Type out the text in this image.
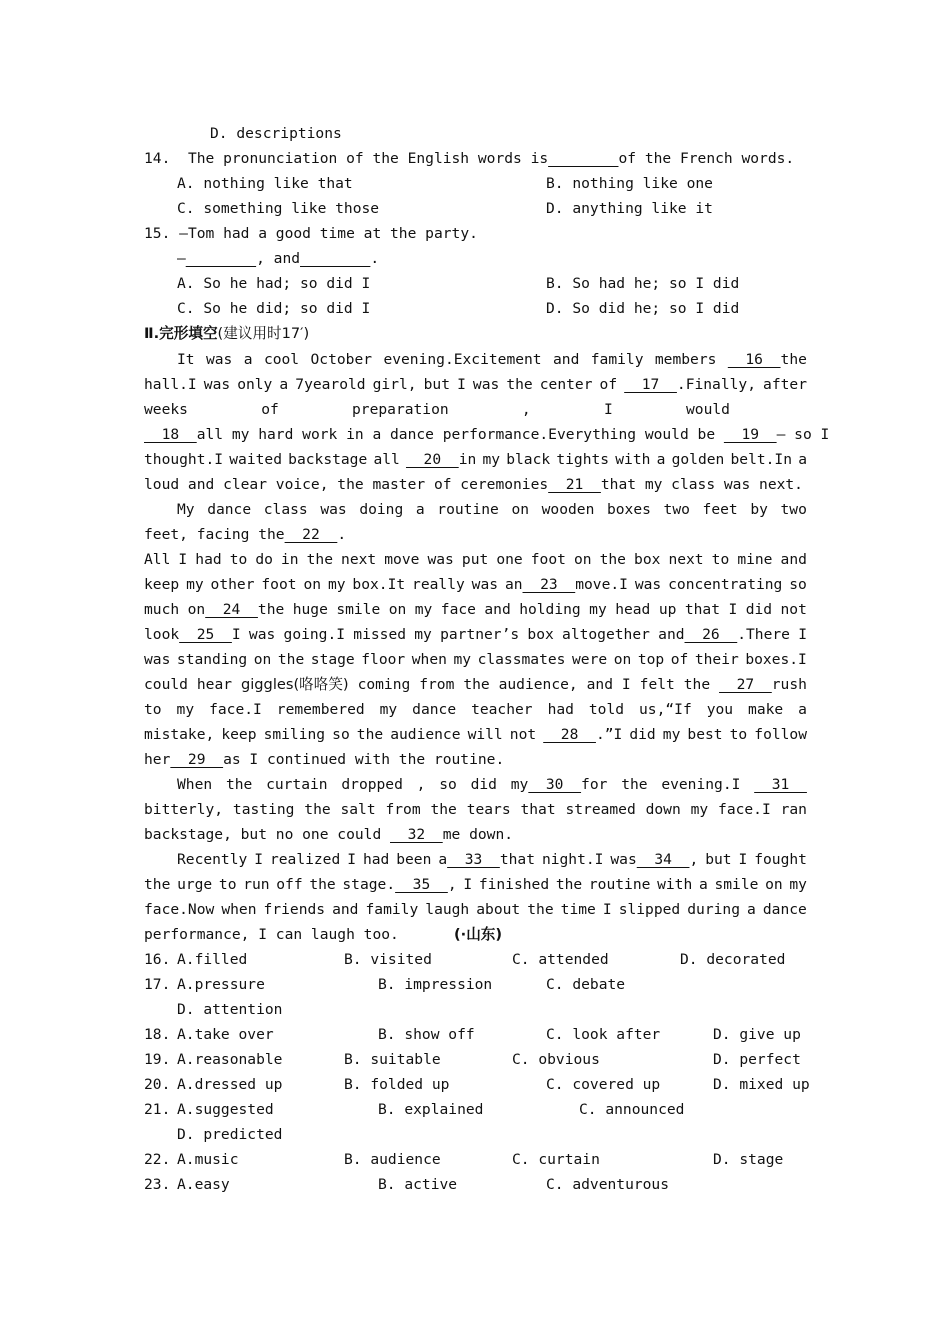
D. descriptions
14. The pronunciation of the English words is________of the French words.
A. nothing like that	B. nothing like one
C. something like those	D. anything like it
15. —Tom had a good time at the party.
—________, and________.
A. So he had; so did I	B. So had he; so I did
C. So he did; so did I	D. So did he; so I did
Ⅱ.完形填空(建议用时17′)
It was a cool October evening.Excitement and family members 16  the
hall.I was only a 7yearold girl, but I was the center of 17  .Finally, after
weeks	of	preparation	,	I	would
18  all my hard work in a dance performance.Everything would be   19  — so I
thought.I waited backstage all 20  in my black tights with a golden belt.In a
loud and clear voice, the master of ceremonies  21  that my class was next.
My dance class was doing a routine on wooden boxes two feet by two
feet, facing the  22  .
All I had to do in the next move was put one foot on the box next to mine and
keep my other foot on my box.It really was an  23  move.I was concentrating so
much on  24  the huge smile on my face and holding my head up that I did not
look  25  I was going.I missed my partner’s box altogether and  26  .There I
was standing on the stage floor when my classmates were on top of their boxes.I
could hear giggles(咯咯笑) coming from the audience, and I felt the 27  rush
to my face.I remembered my dance teacher had told us,“If you make a
mistake, keep smiling so the audience will not 28  .”I did my best to follow
her  29  as I continued with the routine.
When the curtain dropped , so did my  30  for the evening.I 31
bitterly, tasting the salt from the tears that streamed down my face.I ran
backstage, but no one could   32  me down.
Recently I realized I had been a  33  that night.I was  34  , but I fought
the urge to run off the stage.  35  , I finished the routine with a smile on my
face.Now when friends and family laugh about the time I slipped during a dance
performance, I can laugh too.	(·山东)
16. A.filled	B. visited	C. attended	D. decorated
17. A.pressure	B. impression	C. debate
D. attention
18. A.take over	B. show off	C. look after	D. give up
19. A.reasonable	B. suitable	C. obvious	D. perfect
20. A.dressed up	B. folded up	C. covered up	D. mixed up
21. A.suggested	B. explained	C. announced
D. predicted
22. A.music	B. audience	C. curtain	D. stage
23. A.easy	B. active	C. adventurous
